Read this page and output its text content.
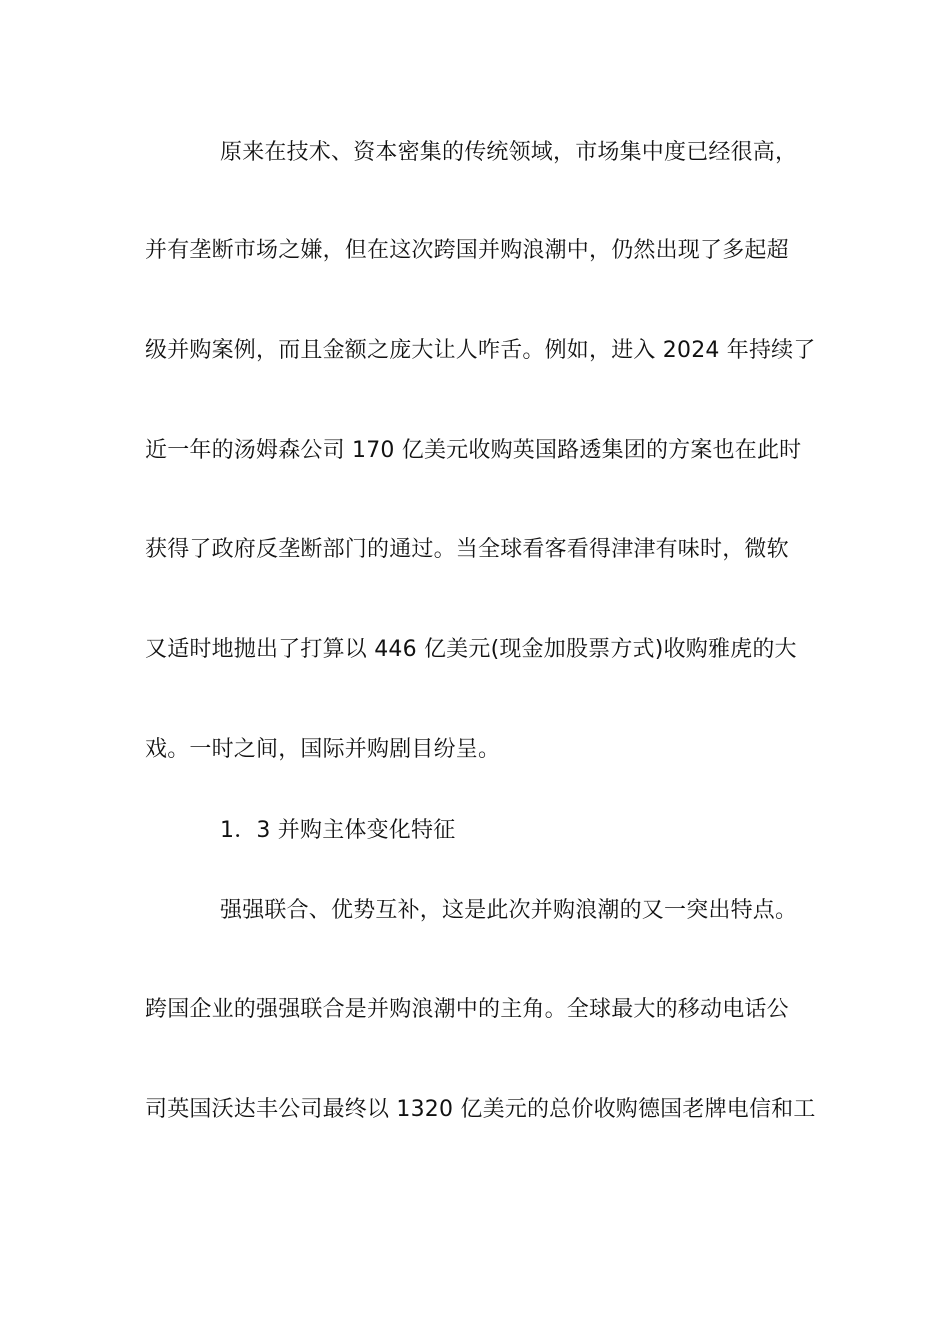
原来在技术、资本密集的传统领域，市场集中度已经很高，
并有垄断市场之嫌，但在这次跨国并购浪潮中，仍然出现了多起超
级并购案例，而且金额之庞大让人咋舌。例如，进入 2024 年持续了
近一年的汤姆森公司 170 亿美元收购英国路透集团的方案也在此时
获得了政府反垄断部门的通过。当全球看客看得津津有味时，微软
又适时地抛出了打算以 446 亿美元(现金加股票方式)收购雅虎的大
戏。一时之间，国际并购剧目纷呈。
1．3 并购主体变化特征
强强联合、优势互补，这是此次并购浪潮的又一突出特点。
跨国企业的强强联合是并购浪潮中的主角。全球最大的移动电话公
司英国沃达丰公司最终以 1320 亿美元的总价收购德国老牌电信和工
